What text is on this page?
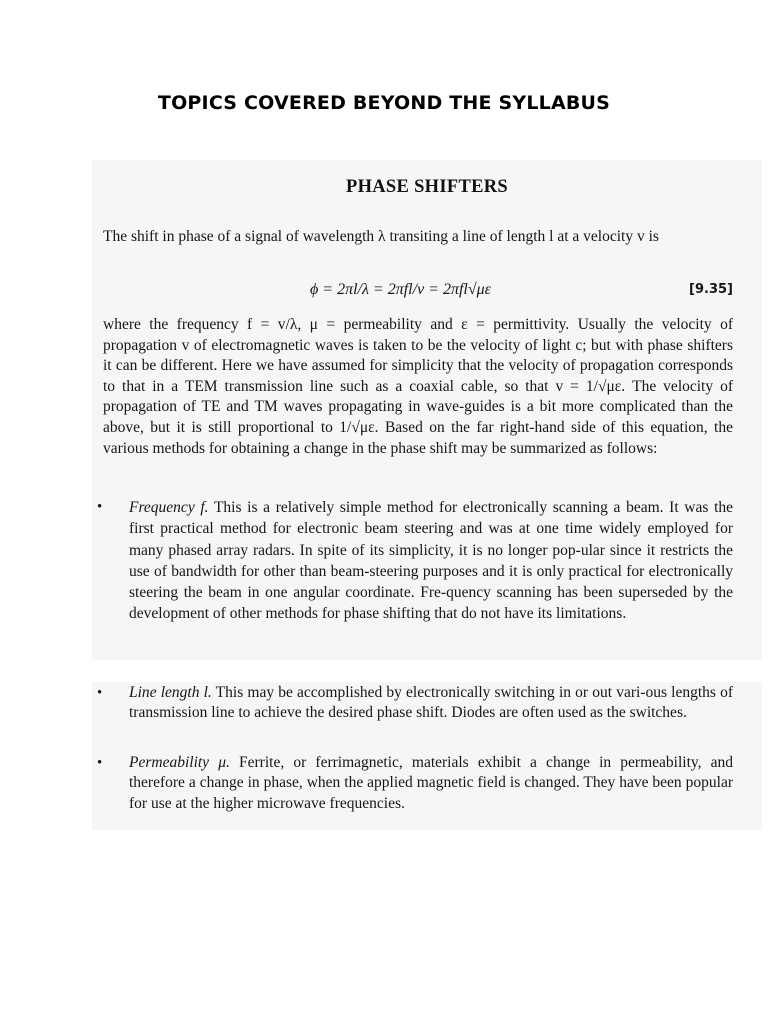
TOPICS COVERED BEYOND THE SYLLABUS
PHASE SHIFTERS
The shift in phase of a signal of wavelength λ transiting a line of length l at a velocity v is
ϕ = 2πl/λ = 2πfl/v = 2πfl√με	[9.35]
where the frequency f = v/λ, μ = permeability and ε = permittivity. Usually the velocity of propagation v of electromagnetic waves is taken to be the velocity of light c; but with phase shifters it can be different. Here we have assumed for simplicity that the velocity of propagation corresponds to that in a TEM transmission line such as a coaxial cable, so that v = 1/√με. The velocity of propagation of TE and TM waves propagating in wave-guides is a bit more complicated than the above, but it is still proportional to 1/√με. Based on the far right-hand side of this equation, the various methods for obtaining a change in the phase shift may be summarized as follows:
•	Frequency f. This is a relatively simple method for electronically scanning a beam. It was the first practical method for electronic beam steering and was at one time widely employed for many phased array radars. In spite of its simplicity, it is no longer pop-ular since it restricts the use of bandwidth for other than beam-steering purposes and it is only practical for electronically steering the beam in one angular coordinate. Fre-quency scanning has been superseded by the development of other methods for phase shifting that do not have its limitations.
•	Line length l. This may be accomplished by electronically switching in or out vari-ous lengths of transmission line to achieve the desired phase shift. Diodes are often used as the switches.
•	Permeability μ. Ferrite, or ferrimagnetic, materials exhibit a change in permeability, and therefore a change in phase, when the applied magnetic field is changed. They have been popular for use at the higher microwave frequencies.
